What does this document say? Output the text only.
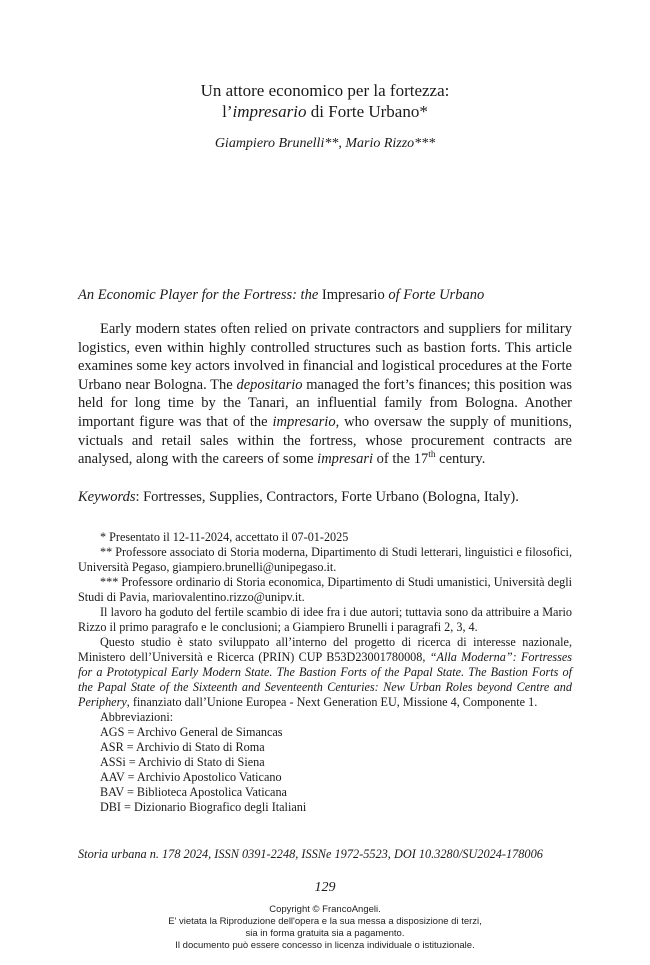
Un attore economico per la fortezza:
l’impresario di Forte Urbano*
Giampiero Brunelli**, Mario Rizzo***
An Economic Player for the Fortress: the Impresario of Forte Urbano

Early modern states often relied on private contractors and suppliers for military logistics, even within highly controlled structures such as bastion forts. This article examines some key actors involved in financial and logistical procedures at the Forte Urbano near Bologna. The depositario managed the fort’s finances; this position was held for long time by the Tanari, an influential family from Bologna. Another important figure was that of the impresario, who oversaw the supply of munitions, victuals and retail sales within the fortress, whose procurement contracts are analysed, along with the careers of some impresari of the 17th century.

Keywords: Fortresses, Supplies, Contractors, Forte Urbano (Bologna, Italy).

* Presentato il 12-11-2024, accettato il 07-01-2025

** Professore associato di Storia moderna, Dipartimento di Studi letterari, linguistici e filosofici, Università Pegaso, giampiero.brunelli@unipegaso.it.

*** Professore ordinario di Storia economica, Dipartimento di Studi umanistici, Università degli Studi di Pavia, mariovalentino.rizzo@unipv.it.

Il lavoro ha goduto del fertile scambio di idee fra i due autori; tuttavia sono da attribuire a Mario Rizzo il primo paragrafo e le conclusioni; a Giampiero Brunelli i paragrafi 2, 3, 4.

Questo studio è stato sviluppato all’interno del progetto di ricerca di interesse nazionale, Ministero dell’Università e Ricerca (PRIN) CUP B53D23001780008, “Alla Moderna”: Fortresses for a Prototypical Early Modern State. The Bastion Forts of the Papal State. The Bastion Forts of the Papal State of the Sixteenth and Seventeenth Centuries: New Urban Roles beyond Centre and Periphery, finanziato dall’Unione Europea - Next Generation EU, Missione 4, Componente 1.

Abbreviazioni:

AGS = Archivo General de Simancas
ASR = Archivio di Stato di Roma
ASSi = Archivio di Stato di Siena
AAV = Archivio Apostolico Vaticano
BAV = Biblioteca Apostolica Vaticana
DBI = Dizionario Biografico degli Italiani
Storia urbana n. 178 2024, ISSN 0391-2248, ISSNe 1972-5523, DOI 10.3280/SU2024-178006
129
Copyright © FrancoAngeli.
E' vietata la Riproduzione dell'opera e la sua messa a disposizione di terzi,
sia in forma gratuita sia a pagamento.
Il documento può essere concesso in licenza individuale o istituzionale.
